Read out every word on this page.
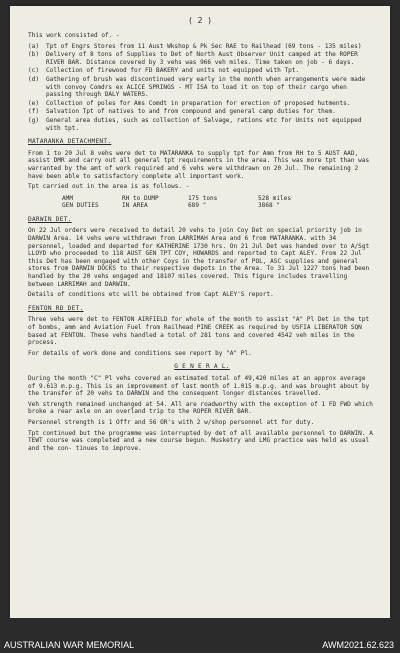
( 2 )
This work consisted of. -
(a)	Tpt of Engrs Stores from 11 Aust Wkshop & Pk Sec RAE to Railhead (69 tons - 135 miles)
(b)	Delivery of 8 tons of Supplies to Det of North Aust Observer Unit camped at the ROPER RIVER BAR. Distance covered by 3 vehs was 966 veh miles. Time taken on job - 6 days.
(c)	Collection of firewood for FD BAKERY and units not equipped with Tpt.
(d)	Gathering of brush was discontinued very early in the month when arrangements were made with convoy Comdrs ex ALICE SPRINGS - MT ISA to load it on top of their cargo when passing through DALY WATERS.
(e)	Collection of poles for Ams Comdt in preparation for erection of proposed hutments.
(f)	Salvation Tpt of natives to and from compound and general camp duties for them.
(g)	General area duties, such as collection of Salvage, rations etc for Units not equipped with tpt.
MATARANKA DETACHMENT.
From 1 to 20 Jul 8 vehs were det to MATARANKA to supply tpt for Amm from RH to 5 AUST AAD, assist DMR and carry out all general tpt requirements in the area. This was more tpt than was warranted by the amt of work required and 6 vehs were withdrawn on 20 Jul. The remaining 2 have been able to satisfactory complete all important work.
Tpt carried out in the area is as follows. -
AMM	RH to DUMP	175 tons	528 miles
GEN DUTIES	IN AREA	689 "	3868 "
DARWIN DET.
On 22 Jul orders were received to detail 20 vehs to join Coy Det on special priority job in DARWIN Area. 14 vehs were withdrawn from LARRIMAH Area and 6 from MATARANKA. with 34 personnel, loaded and departed for KATHERINE 1730 hrs. On 21 Jul Det was handed over to A/Sgt LLOYD who proceeded to 118 AUST GEN TPT COY, HOWARDS and reported to Capt ALEY. From 22 Jul this Det has been engaged with other Coys in the transfer of POL, ASC supplies and general stores from DARWIN DOCKS to their respective depots in the Area. To 31 Jul 1227 tons had been handled by the 20 vehs engaged and 18107 miles covered. This figure includes travelling between LARRIMAH and DARWIN.
Details of conditions etc will be obtained from Capt ALEY'S report.
FENTON RD DET.
Three vehs were det to FENTON AIRFIELD for whole of the month to assist "A" Pl Det in the tpt of bombs, amm and Aviation Fuel from Railhead PINE CREEK as required by USFIA LIBERATOR SQN based at FENTON. These vehs handled a total of 281 tons and covered 4542 veh miles in the process.
For details of work done and conditions see report by "A" Pl.
G E N E R A L.
During the month "C" Pl vehs covered an estimated total of 49,420 miles at an approx average of 9.613 m.p.g. This is an improvement of last month of 1.015 m.p.g. and was brought about by the transfer of 20 vehs to DARWIN and the consequent longer distances travelled.
Veh strength remained unchanged at 54. All are roadworthy with the exception of 1 FD FWD which broke a rear axle on an overland trip to the ROPER RIVER BAR.
Personnel strength is 1 Offr and 56 OR's with 2 w/shop personnel att for duty.
Tpt continued but the programme was interrupted by det of all available personnel to DARWIN. A TEWT course was completed and a new course begun. Musketry and LMG practice was held as usual and the con- tinues to improve.
AUSTRALIAN WAR MEMORIAL	AWM2021.62.623
